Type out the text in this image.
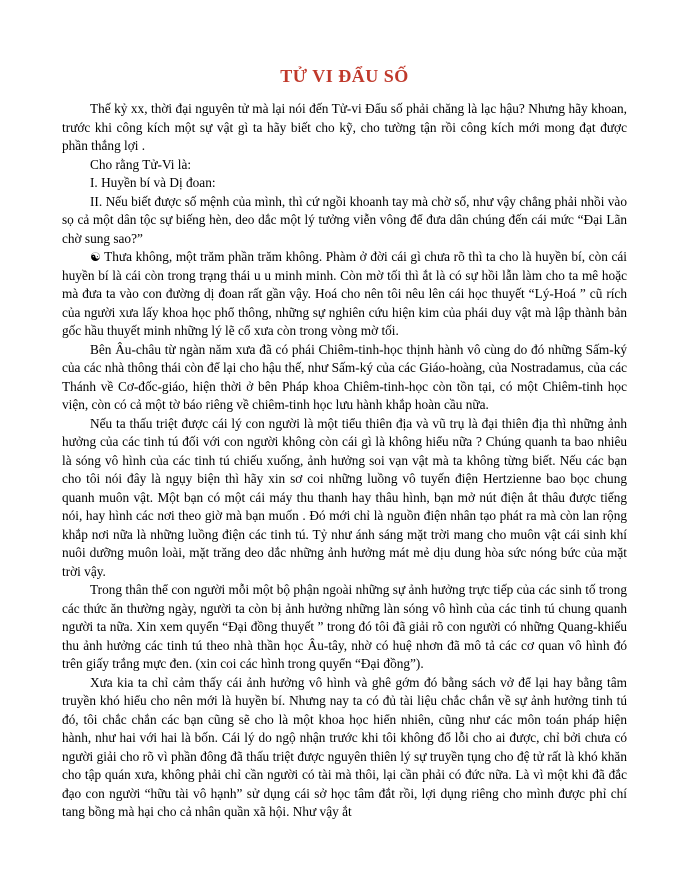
TỬ VI ĐẨU SỐ

Thế kỷ xx, thời đại nguyên tử mà lại nói đến Tử-vi Đẩu số phải chăng là lạc hậu? Nhưng hãy khoan, trước khi công kích một sự vật gì ta hãy biết cho kỹ, cho tường tận rồi công kích mới mong đạt được phần thắng lợi .

Cho rằng Tử-Vi là:

I. Huyền bí và Dị đoan:

II. Nếu biết được số mệnh của mình, thì cứ ngồi khoanh tay mà chờ số, như vậy chẳng phải nhồi vào sọ cả một dân tộc sự biếng hèn, deo dắc một lý tưởng viễn vông để đưa dân chúng đến cái mức “Đại Lãn chờ sung sao?”

☯ Thưa không, một trăm phần trăm không. Phàm ở đời cái gì chưa rõ thì ta cho là huyền bí, còn cái huyền bí là cái còn trong trạng thái u u minh minh. Còn mờ tối thì ắt là có sự hồi lẫn làm cho ta mê hoặc mà đưa ta vào con đường dị đoan rất gần vậy. Hoá cho nên tôi nêu lên cái học thuyết “Lý-Hoá ” cũ rích của người xưa lấy khoa học phổ thông, những sự nghiên cứu hiện kim của phái duy vật mà lập thành bản gốc hầu thuyết minh những lý lẽ cổ xưa còn trong vòng mờ tối.

Bên Âu-châu từ ngàn năm xưa đã có phái Chiêm-tinh-học thịnh hành vô cùng do đó những Sấm-ký của các nhà thông thái còn để lại cho hậu thế, như Sấm-ký của các Giáo-hoàng, của Nostradamus, của các Thánh về Cơ-đốc-giáo, hiện thời ở bên Pháp khoa Chiêm-tinh-học còn tồn tại, có một Chiêm-tinh học viện, còn có cả một tờ báo riêng về chiêm-tinh học lưu hành khắp hoàn cầu nữa.

Nếu ta thấu triệt được cái lý con người là một tiểu thiên địa và vũ trụ là đại thiên địa thì những ảnh hưởng của các tinh tú đối với con người không còn cái gì là không hiểu nữa ? Chúng quanh ta bao nhiêu là sóng vô hình của các tinh tú chiếu xuống, ảnh hưởng soi vạn vật mà ta không từng biết. Nếu các bạn cho tôi nói đây là ngụy biện thì hãy xin sơ coi những luồng vô tuyến điện Hertzienne bao bọc chung quanh muôn vật. Một bạn có một cái máy thu thanh hay thâu hình, bạn mở nút điện ắt thâu được tiếng nói, hay hình các nơi theo giờ mà bạn muốn . Đó mới chỉ là nguồn điện nhân tạo phát ra mà còn lan rộng khắp nơi nữa là những luồng điện các tinh tú. Tỷ như ánh sáng mặt trời mang cho muôn vật cái sinh khí nuôi dưỡng muôn loài, mặt trăng deo dắc những ảnh hưởng mát mẻ dịu dung hòa sức nóng bức của mặt trời vậy.

Trong thân thể con người mỗi một bộ phận ngoài những sự ảnh hưởng trực tiếp của các sinh tố trong các thức ăn thường ngày, người ta còn bị ảnh hưởng những làn sóng vô hình của các tinh tú chung quanh người ta nữa. Xin xem quyển “Đại đồng thuyết ” trong đó tôi đã giải rõ con người có những Quang-khiếu thu ảnh hưởng các tinh tú theo nhà thần học Âu-tây, nhờ có huệ nhơn đã mô tả các cơ quan vô hình đó trên giấy trắng mực đen. (xin coi các hình trong quyển “Đại đồng”).

Xưa kia ta chỉ cảm thấy cái ảnh hưởng vô hình và ghê gớm đó bằng sách vở để lại hay bằng tâm truyền khó hiểu cho nên mới là huyền bí. Nhưng nay ta có đủ tài liệu chắc chắn về sự ảnh hưởng tinh tú đó, tôi chắc chắn các bạn cũng sẽ cho là một khoa học hiển nhiên, cũng như các môn toán pháp hiện hành, như hai với hai là bốn. Cái lý do ngộ nhận trước khi tôi không đổ lỗi cho ai được, chỉ bởi chưa có người giải cho rõ vì phần đông đã thấu triệt được nguyên thiên lý sự truyền tụng cho đệ tử rất là khó khăn cho tập quán xưa, không phải chỉ cần người có tài mà thôi, lại cần phải có đức nữa. Là vì một khi đã đắc đạo con người “hữu tài vô hạnh” sử dụng cái sở học tâm đắt rồi, lợi dụng riêng cho mình được phỉ chí tang bồng mà hại cho cả nhân quần xã hội. Như vậy ắt
